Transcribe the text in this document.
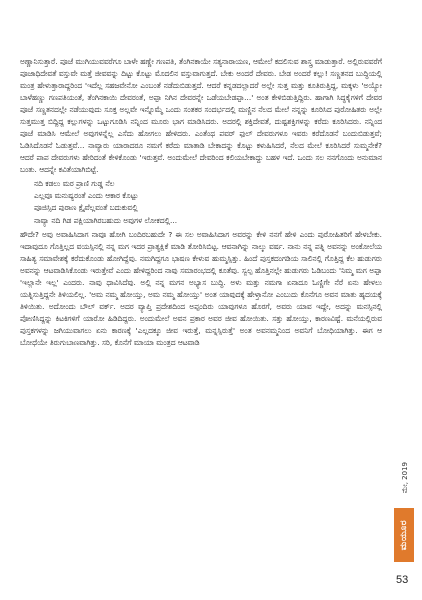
ಅಣ್ಣಾನಿಸುತ್ತಾರೆ. ಪೂಜೆ ಮುಗಿಯುವವರೆಗೂ ಬಾಳೇ ಹಣ್ಣೇ ಗಣಪತಿ, ತೆಂಗಿನಕಾಯೇ ಸತ್ಯನಾರಾಯಣ, ಆಮೇಲೆ ಕದಲಿಸುವ ಶಾಸ್ತ್ರ ಮಾಡುತ್ತಾರೆ. ಅಲ್ಲಿರುವವರೆಗೆ ಪೂಜಾಧಿದೇವತೆ ವಸ್ತುವೇ ಮತ್ತೆ ಜೀವವನ್ನು ದಿಟ್ಟು ಕೊಟ್ಟು ಮೊದಲಿನ ವಸ್ತುವಾಗುತ್ತದೆ. ಬೇಕು ಅಂದರೆ ದೇವರು. ಬೇಡ ಅಂದರೆ ಕಲ್ಲು! ಸಣ್ಣತನದ ಬುದ್ಧಿಯಲ್ಲಿ ಮಂತ್ರ ಹೇಳುತ್ತಾರಾದ್ದರಿಂದ 'ಇದೆಲ್ಲ ಸಹಜವೇನೋ ಎಂಬಂತೆ ನಡೆದುಬಿಡುತ್ತದೆ. ಆದರೆ ಕನ್ನಡದಲ್ಲಾದರೆ ಅಲ್ಲೇ ಸುತ್ತ ಮತ್ತು ಕೂತಿರುತ್ತಿದ್ದ, ಮಕ್ಕಳು 'ಅಯ್ಯೋ ಬಾಳೆಹಣ್ಣು ಗಣಪತಿಯಂತೆ, ತೆಂಗಿನಕಾಯಿ ದೇವರಂತೆ, ಅಪ್ಪಾ ನಿಗಿನ ದೇವರನ್ನೇ ಒಡೆಯಬೇಡಪ್ಪಾ...' ಅಂತ ಕೇಳಿಬಿಡುತ್ತಿದ್ದಿರು. ಹಾಗಾಗಿ ಸಿದ್ಧಕೈಗಳಿಗೆ ದೇವರ ಪೂಜೆ ಸಣ್ಣತನದಲ್ಲೇ ನಡೆಯುವುದು ಸೂಕ್ತ ಅಲ್ಲವೇ ಇನ್ನೊಮ್ಮೆ ಒಂದು ಸಂತಕರ ಸಂದರ್ಭದಲ್ಲಿ ಮಣ್ಣಿನ ನೆಲದ ಮೇಲೆ ನನ್ನನ್ನು ಕೂರಿಸಿದ ಪುರೋಹಿತರು ಅಲ್ಲೇ ಸುತ್ತಮುತ್ತ ಬಿದ್ದಿದ್ದ ಕಲ್ಲುಗಳನ್ನು ಒಟ್ಟುಗೂಡಿಸಿ ನನ್ನಿಂದ ಮೂರು ಭಾಗ ಮಾಡಿಸಿದರು. ಅದರಲ್ಲಿ ಶಕ್ತಿದೇವತೆ, ದುಷ್ಟಶಕ್ತಿಗಳನ್ನು ಕರೆದು ಕೂರಿಸಿದರು. ನನ್ನಿಂದ ಪೂಜೆ ಮಾಡಿಸಿ ಆಮೇಲೆ ಅವುಗಳನ್ನೆಲ್ಲ ಎಸೆದು ಹೋಗಲು ಹೇಳಿದರು. ಎಂತೆಂಥ ಪವರ್ ಫುಲ್ ದೇವರುಗಳೂ ಇವರು ಕರೆದೊಡನೆ ಬಂದುಬಿಡುತ್ತವೆ; ಓಡಿಸಿದೊಡನೆ ಓಡುತ್ತವೆ... ನಾವ್ಯಾರು ಯಾರಾದರೂ ನಮಗೆ ಕರೆದು ಮಾತಾಡಿ ಬೇಕಾದನ್ನು ಕೊಟ್ಟು ಕಳುಹಿಸಿದರೆ, ನೆಲದ ಮೇಲೆ ಕೂರಿಸಿದರೆ ಸುಮ್ಮನೇಕೆ? ಆದರೆ ಪಾಪ ದೇವರುಗಳು ಹೇರಿದಂತೆ ಕೇಳಿಕೊಂಡು 'ಇರುತ್ತವೆ. ಅಂದುಮೇಲೆ ದೇವರಿಂದ ಕಲಿಯಬೇಕಾದ್ದು ಬಹಳ ಇದೆ. ಒಂದು ಸಲ ನನಗೊಂದು ಅನುಮಾನ ಬಂತು. ಆದನ್ನೇ ಕವಿತೆಯಾಗಿಬಿಟ್ಟೆ.

ನದಿ ಕಡಲು ಮರ ಪ್ರಾಣಿ ಗುಡ್ಡ ನೆಲ
ಎಲ್ಲವೂ ಮನುಷ್ಯರಂತೆ ಎಂದು ಆಕಾರ ಕೊಟ್ಟು
ಪೂಜಿಸ್ಸಿದ ಪುರಾಣ ಕ್ಷೈವೆಲ್ಲವಂತೆ ಬದುಕುವಲ್ಲಿ
ನಾವ್ಯಾ ನದಿ ಗಿಡ ಪಕ್ಷಿಯಾಗಿರಬಹುದು ಅವುಗಳ ಲೋಕದಲ್ಲಿ...

ಹೌದೇ? ಅವು ಅವಾಹಿಸಿದಾಗ ನಾವೂ ಹೋಗಿ ಬಂದಿರಬಹುದೇ ? ಈ ಸಲ ಅವಾಹಿಸಿದಾಗ ಅವರನ್ನು ಕೇಳಿ ನನಗೆ ಹೇಳಿ ಎಂದು ಪುರೋಹಿತರಿಗೆ ಹೇಳಬೇಕು. ಇದಾವುದೂ ಗೊತ್ತಿಲ್ಲದ ವಯಸ್ಸಿನಲ್ಲಿ ನನ್ನ ಮಗ ಇದರ ಪ್ರಾತ್ಯಕ್ಷಿಕೆ ಮಾಡಿ ತೋರಿಸಿಬಿಟ್ಟ. ಆವನಾಗಿನ್ನು ನಾಲ್ಕು ವರ್ಷ. ನಾನು ನನ್ನ ಪತ್ನಿ ಅವನನ್ನು ಅಂಕೋಲೆಯ ಸಾಹಿತ್ಯ ಸಮಾವೇಶಕ್ಕೆ ಕರೆದುಕೊಂಡು ಹೋಗಿದ್ದೆವು. ನಮಗಿದ್ದಗೂ ಭಾಷಣ ಕೇಳುವ ಹುಮ್ಮಸ್ಸಿತ್ತು. ಹಿಂದೆ ಪುಸ್ತಕದಂಗಡಿಯ ಸಾಲಿನಲ್ಲಿ ಗೊತ್ತಿದ್ದ ಕೆಲ ಹುಡುಗರು ಅವನನ್ನು ಆಟವಾಡಿಸಿಕೊಂಡು ಇರುತ್ತೇವೆ ಎಂದು ಹೇಳಿದ್ದರಿಂದ ನಾವು ಸಮಾರಂಭದಲ್ಲಿ ಕೂತೆವು. ಸ್ವಲ್ಪ ಹೊತ್ತಿನಲ್ಲೇ ಹುಡುಗರು ಓಡಿಬಂದು 'ನಿಮ್ಮ ಮಗ ಅಪ್ಪಾ 'ಇಲ್ಲಾನೇ ಇಲ್ಲ' ಎಂದರು. ನಾವು ಧಾವಿಸಿದೆವು. ಅಲ್ಲಿ ನನ್ನ ಮಗನ ಅಭ್ಯಾಸ ಬುದ್ಧಿ. ಅಳು ಮತ್ತು ನಮಗಾ ಏನಾದೂ ಓಣ್ಣಿಗೇ ನೆರೆ ಏನು ಹೇಳಲು ಯತ್ನಿಸುತ್ತಿದ್ದನೇ ತಿಳಿಯಲಿಲ್ಲ. 'ಅಮ ನಮ್ಮ ಹೋಯ್ತು, ಅಮ ನಮ್ಮ ಹೋಯ್ತು' ಅಂತ ಯಾವುದಕ್ಕೆ ಹೇಳ್ತಾನೋ ಎಂಬುದು ಕೊನೆಗೂ ಅವನ ಮಾತು ಹೃದಯಕ್ಕೆ ತಿಳಿಯಿತು. ಅದೋಂದು ಬೌಲ್ ವರ್ಕ್. ಅದರ ವ್ಯಾಪ್ತಿ ಪ್ರದೇಶದಿಂದ ಅಪ್ಪಂದಿರು ಯಾವುಗಳೂ ಹೊರಗೆ, ಅವರು ಯಾವ ಇದ್ದೇ, ಅದನ್ನು ಮನಸ್ಸಿನಲ್ಲಿ ಪೋಣಿಸಿದ್ದನ್ನು ಕಿಟಕಿಗಳಿಗೆ ಯಾರೋ ಹಿಡಿದಿದ್ದರು. ಅಂದುಮೇಲೆ ಅವನ ಪ್ರಕಾರ ಅವರ ಜೀವ ಹೋಯಿತು. ಸತ್ತು ಹೋಯ್ತು, ಕಾರಣವಿಷ್ಟೆ. ಮನೆಯಲ್ಲಿರುವ ಪುಸ್ತಕಗಳನ್ನು ಜಗಿಯುವಾಗಲು ಏನು ಕಾರಣಕ್ಕೆ 'ಎಲ್ಲದಕ್ಕೂ ಜೀವ ಇರುತ್ತೆ, ಮನ್ನಸ್ಸಿರುತ್ತೆ' ಅಂತ ಅವನಮ್ಮನಿಂದ ಅವನಿಗೆ ಬೋಧಿಯಾಗಿತ್ತು. ಈಗ ಆ ಬೋಧೆಯೇ ತಿರುಗುಬಾಣವಾಗಿತ್ತು. ಸರಿ, ಕೊನೆಗೆ ಮಾಯಾ ಮಂತ್ರದ ಆಟವಾಡಿ

ಮೇ, 2019
ಮಯೂರ
53
